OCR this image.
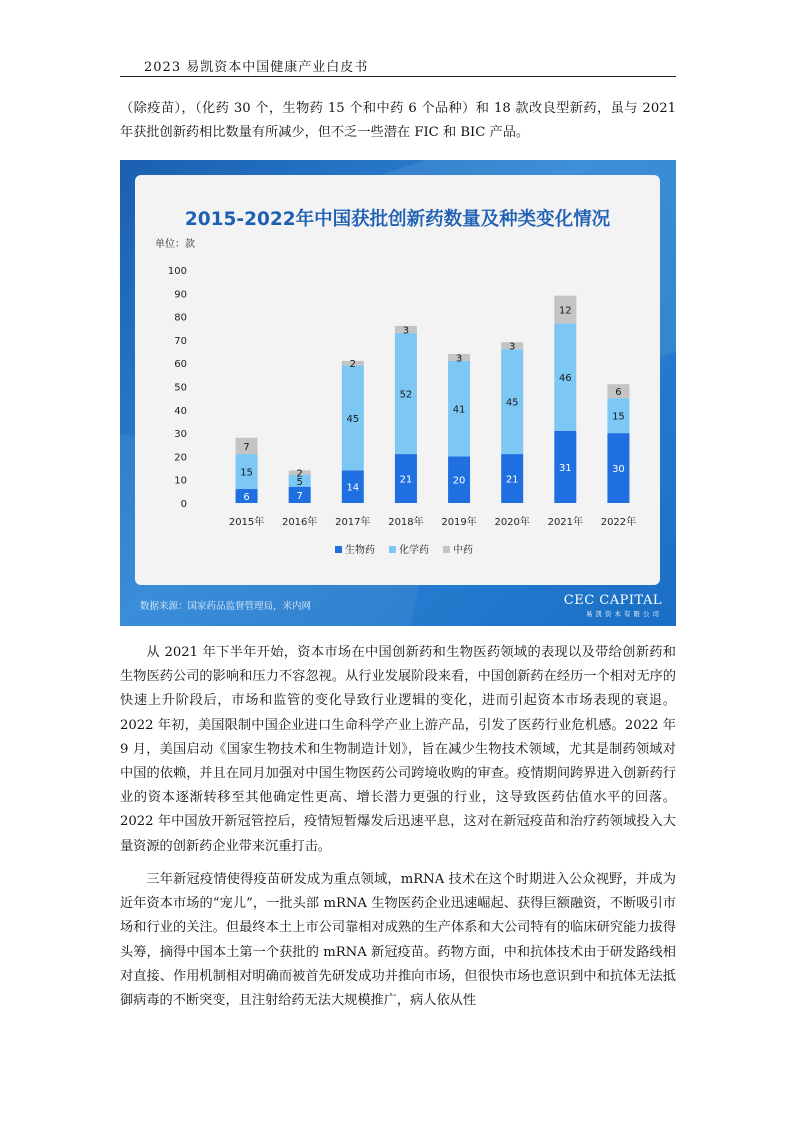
2023 易凯资本中国健康产业白皮书

（除疫苗），（化药 30 个，生物药 15 个和中药 6 个品种）和 18 款改良型新药，虽与 2021 年获批创新药相比数量有所减少，但不乏一些潜在 FIC 和 BIC 产品。

2015-2022年中国获批创新药数量及种类变化情况
单位：款
0
10
20
30
40
50
60
70
80
90
100
6
15
7
2015年
7
5
2
2016年
14
45
2
2017年
21
52
3
2018年
20
41
3
2019年
21
45
3
2020年
31
46
12
2021年
30
15
6
2022年
生物药 化学药 中药
数据来源：国家药品监督管理局，米内网	CEC CAPITAL
易凯资本有限公司

从 2021 年下半年开始，资本市场在中国创新药和生物医药领域的表现以及带给创新药和生物医药公司的影响和压力不容忽视。从行业发展阶段来看，中国创新药在经历一个相对无序的快速上升阶段后，市场和监管的变化导致行业逻辑的变化，进而引起资本市场表现的衰退。2022 年初，美国限制中国企业进口生命科学产业上游产品，引发了医药行业危机感。2022 年 9 月，美国启动《国家生物技术和生物制造计划》，旨在减少生物技术领域，尤其是制药领域对中国的依赖，并且在同月加强对中国生物医药公司跨境收购的审查。疫情期间跨界进入创新药行业的资本逐渐转移至其他确定性更高、增长潜力更强的行业，这导致医药估值水平的回落。2022 年中国放开新冠管控后，疫情短暂爆发后迅速平息，这对在新冠疫苗和治疗药领域投入大量资源的创新药企业带来沉重打击。

三年新冠疫情使得疫苗研发成为重点领域，mRNA 技术在这个时期进入公众视野，并成为近年资本市场的“宠儿”，一批头部 mRNA 生物医药企业迅速崛起、获得巨额融资，不断吸引市场和行业的关注。但最终本土上市公司靠相对成熟的生产体系和大公司特有的临床研究能力拔得头筹，摘得中国本土第一个获批的 mRNA 新冠疫苗。药物方面，中和抗体技术由于研发路线相对直接、作用机制相对明确而被首先研发成功并推向市场，但很快市场也意识到中和抗体无法抵御病毒的不断突变，且注射给药无法大规模推广，病人依从性
